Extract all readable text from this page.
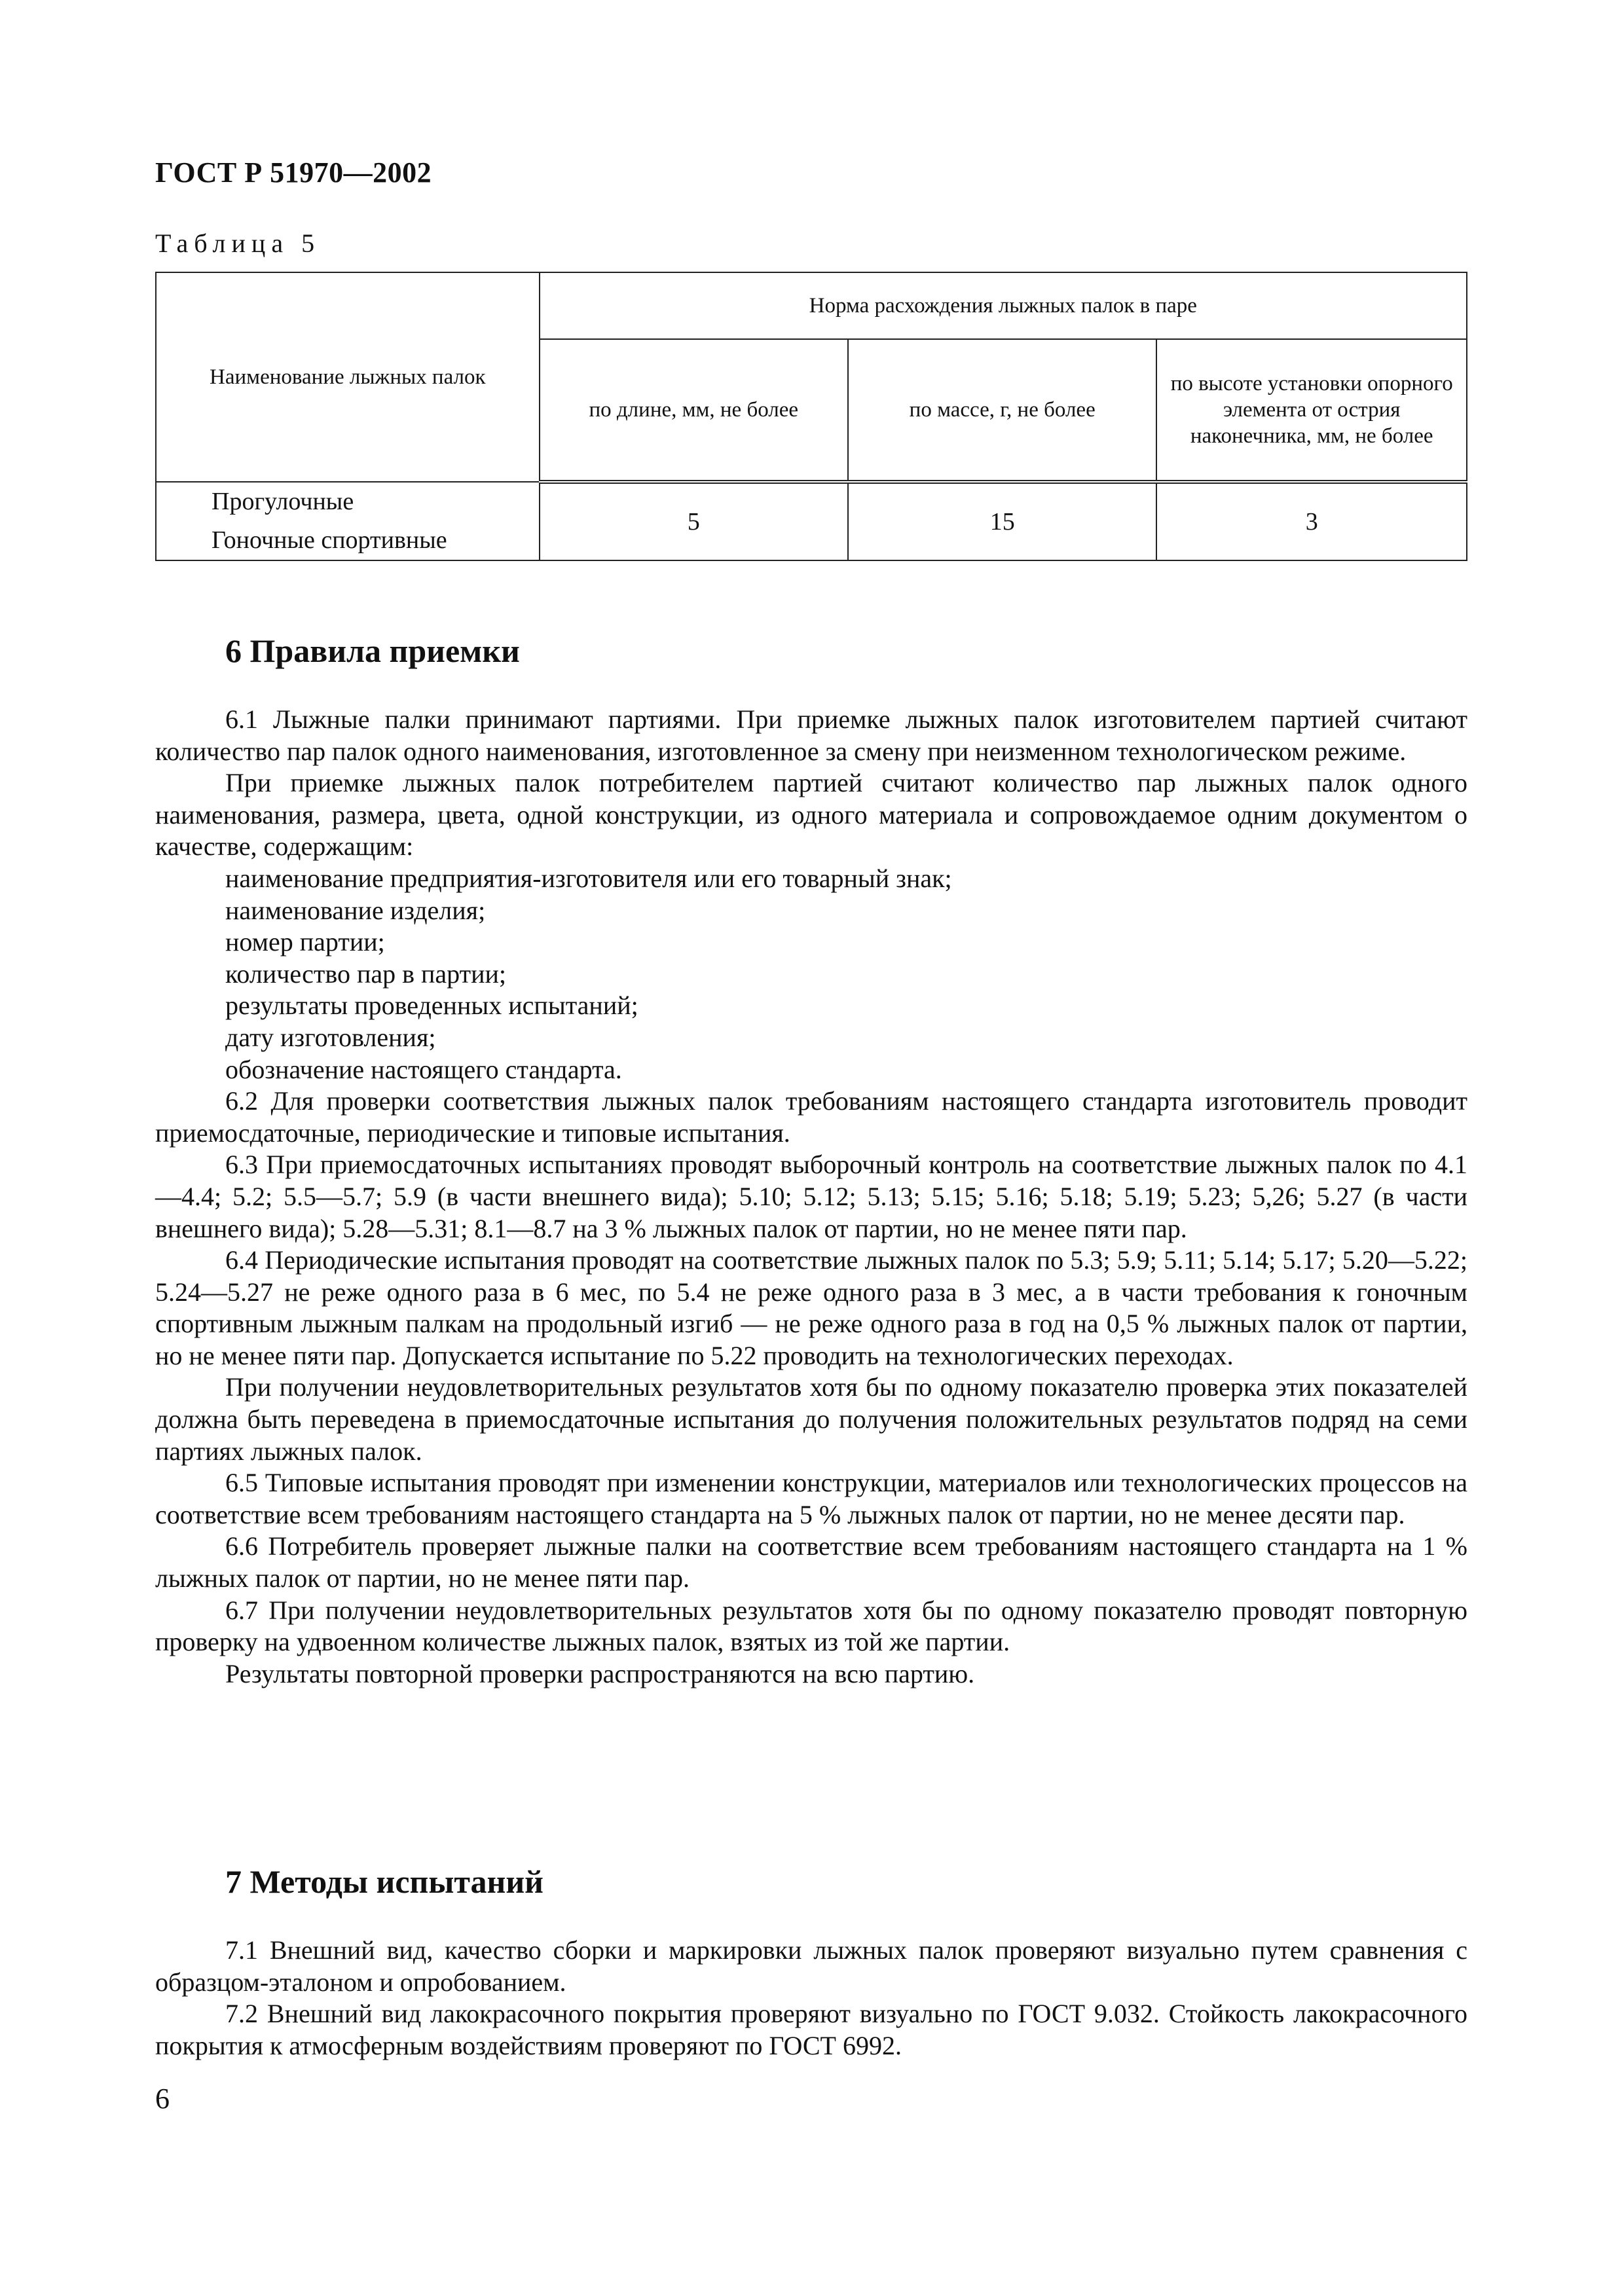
ГОСТ Р 51970—2002
Таблица 5
Наименование лыжных палок	Норма расхождения лыжных палок в паре		
	по длине, мм, не более	по массе, г, не более	по высоте установки опорного элемента от острия наконечника, мм, не более
Прогулочные	5	15	3
Гоночные спортивные			
6 Правила приемки

6.1 Лыжные палки принимают партиями. При приемке лыжных палок изготовителем партией считают количество пар палок одного наименования, изготовленное за смену при неизменном технологическом режиме.

При приемке лыжных палок потребителем партией считают количество пар лыжных палок одного наименования, размера, цвета, одной конструкции, из одного материала и сопровождаемое одним документом о качестве, содержащим:

наименование предприятия-изготовителя или его товарный знак;

наименование изделия;

номер партии;

количество пар в партии;

результаты проведенных испытаний;

дату изготовления;

обозначение настоящего стандарта.

6.2 Для проверки соответствия лыжных палок требованиям настоящего стандарта изготовитель проводит приемосдаточные, периодические и типовые испытания.

6.3 При приемосдаточных испытаниях проводят выборочный контроль на соответствие лыжных палок по 4.1—4.4; 5.2; 5.5—5.7; 5.9 (в части внешнего вида); 5.10; 5.12; 5.13; 5.15; 5.16; 5.18; 5.19; 5.23; 5,26; 5.27 (в части внешнего вида); 5.28—5.31; 8.1—8.7 на 3 % лыжных палок от партии, но не менее пяти пар.

6.4 Периодические испытания проводят на соответствие лыжных палок по 5.3; 5.9; 5.11; 5.14; 5.17; 5.20—5.22; 5.24—5.27 не реже одного раза в 6 мес, по 5.4 не реже одного раза в 3 мес, а в части требования к гоночным спортивным лыжным палкам на продольный изгиб — не реже одного раза в год на 0,5 % лыжных палок от партии, но не менее пяти пар. Допускается испытание по 5.22 проводить на технологических переходах.

При получении неудовлетворительных результатов хотя бы по одному показателю проверка этих показателей должна быть переведена в приемосдаточные испытания до получения положительных результатов подряд на семи партиях лыжных палок.

6.5 Типовые испытания проводят при изменении конструкции, материалов или технологических процессов на соответствие всем требованиям настоящего стандарта на 5 % лыжных палок от партии, но не менее десяти пар.

6.6 Потребитель проверяет лыжные палки на соответствие всем требованиям настоящего стандарта на 1 % лыжных палок от партии, но не менее пяти пар.

6.7 При получении неудовлетворительных результатов хотя бы по одному показателю проводят повторную проверку на удвоенном количестве лыжных палок, взятых из той же партии.

Результаты повторной проверки распространяются на всю партию.

7 Методы испытаний

7.1 Внешний вид, качество сборки и маркировки лыжных палок проверяют визуально путем сравнения с образцом-эталоном и опробованием.

7.2 Внешний вид лакокрасочного покрытия проверяют визуально по ГОСТ 9.032. Стойкость лакокрасочного покрытия к атмосферным воздействиям проверяют по ГОСТ 6992.

6
